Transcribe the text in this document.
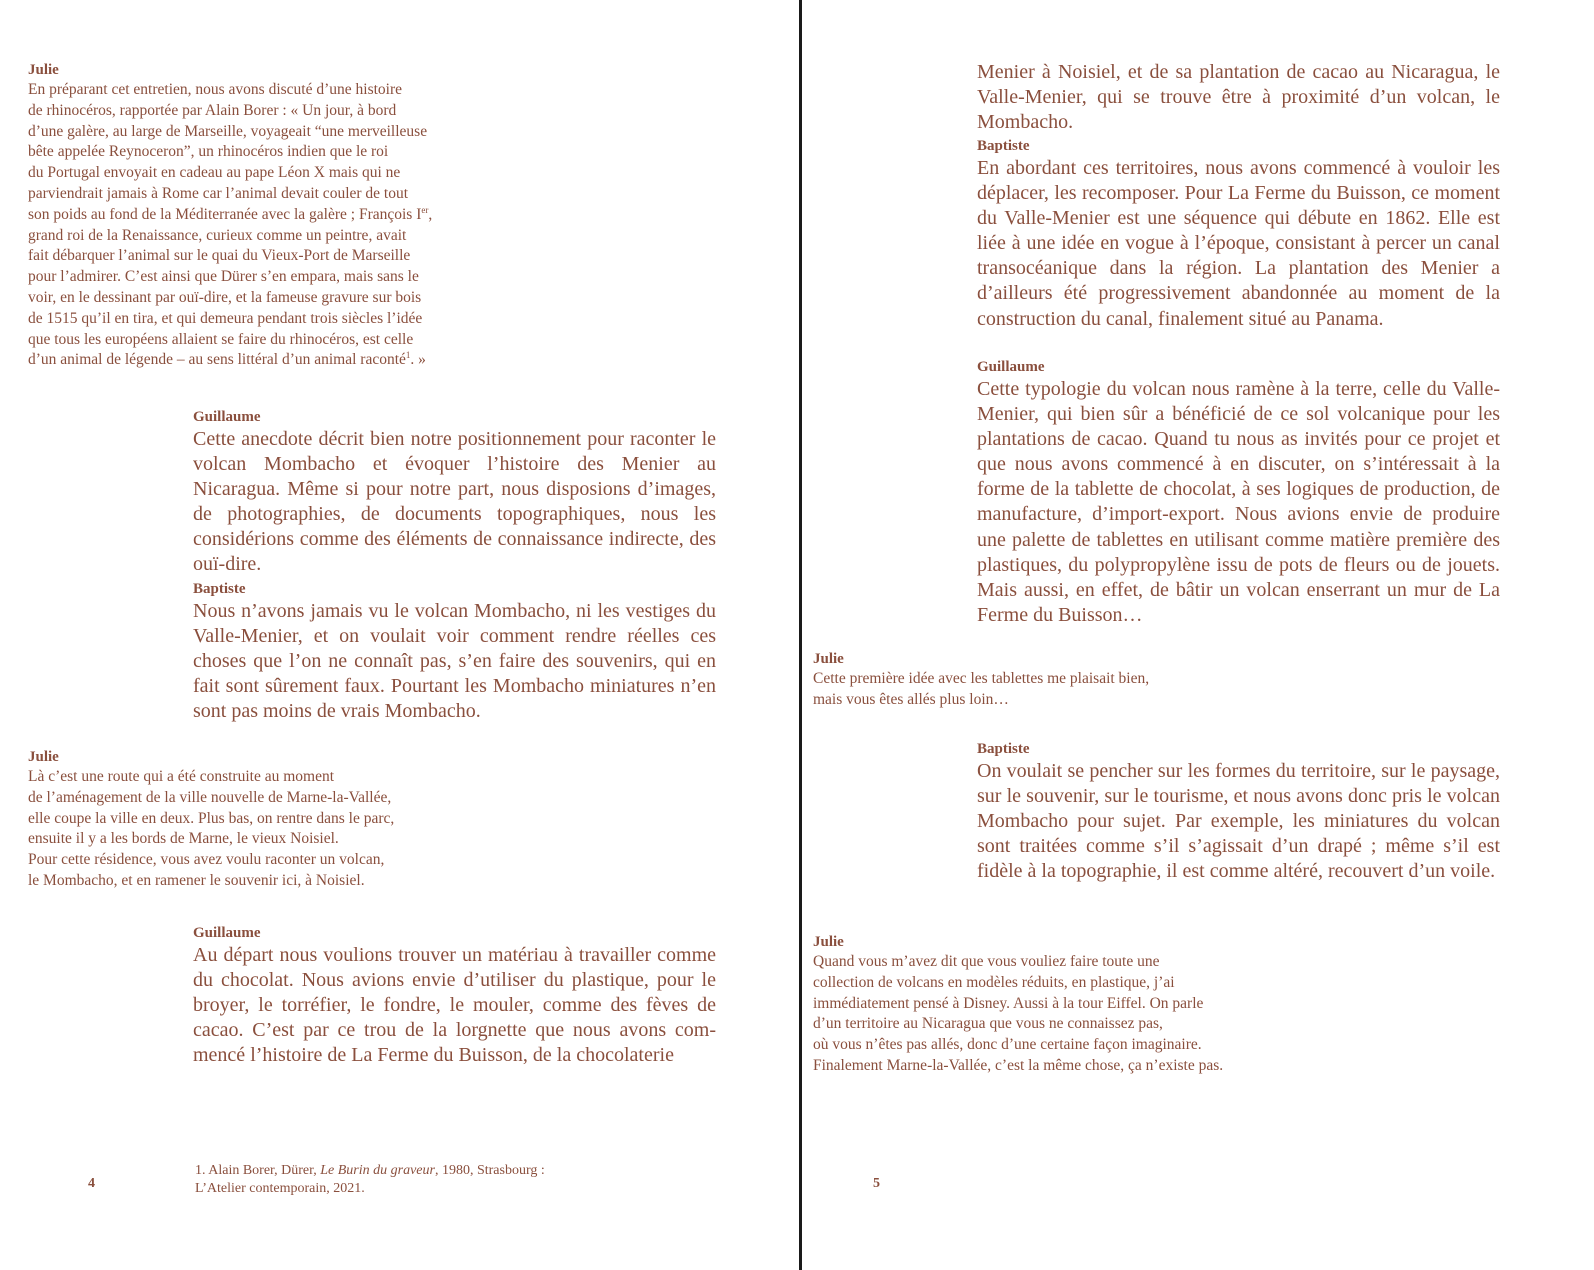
Julie
En préparant cet entretien, nous avons discuté d’une histoire
de rhinocéros, rapportée par Alain Borer : « Un jour, à bord
d’une galère, au large de Marseille, voyageait “une merveilleuse
bête appelée Reynoceron”, un rhinocéros indien que le roi
du Portugal envoyait en cadeau au pape Léon X mais qui ne
parviendrait jamais à Rome car l’animal devait couler de tout
son poids au fond de la Méditerranée avec la galère ; François Ier,
grand roi de la Renaissance, curieux comme un peintre, avait
fait débarquer l’animal sur le quai du Vieux-Port de Marseille
pour l’admirer. C’est ainsi que Dürer s’en empara, mais sans le
voir, en le dessinant par ouï-dire, et la fameuse gravure sur bois
de 1515 qu’il en tira, et qui demeura pendant trois siècles l’idée
que tous les européens allaient se faire du rhinocéros, est celle
d’un animal de légende – au sens littéral d’un animal raconté$^1$. »
Guillaume
Cette anecdote décrit bien notre positionnement pour raconter le volcan Mombacho et évoquer l’histoire des Menier au Nicaragua. Même si pour notre part, nous disposions d’images, de photographies, de documents topographiques, nous les considérions comme des éléments de connaissance indirecte, des ouï-dire.
Baptiste
Nous n’avons jamais vu le volcan Mombacho, ni les vestiges du Valle-Menier, et on voulait voir comment rendre réelles ces choses que l’on ne connaît pas, s’en faire des souvenirs, qui en fait sont sûrement faux. Pourtant les Mombacho miniatures n’en sont pas moins de vrais Mombacho.
Julie
Là c’est une route qui a été construite au moment
de l’aménagement de la ville nouvelle de Marne-la-Vallée,
elle coupe la ville en deux. Plus bas, on rentre dans le parc,
ensuite il y a les bords de Marne, le vieux Noisiel.
Pour cette résidence, vous avez voulu raconter un volcan,
le Mombacho, et en ramener le souvenir ici, à Noisiel.
Guillaume
Au départ nous voulions trouver un matériau à travailler comme du chocolat. Nous avions envie d’utiliser du plastique, pour le broyer, le torréfier, le fondre, le mouler, comme des fèves de cacao. C’est par ce trou de la lorgnette que nous avons commencé l’histoire de La Ferme du Buisson, de la chocolaterie
1. Alain Borer, Dürer, Le Burin du graveur, 1980, Strasbourg :
L’Atelier contemporain, 2021.
4
Menier à Noisiel, et de sa plantation de cacao au Nicaragua, le Valle-Menier, qui se trouve être à proximité d’un volcan, le Mombacho.
Baptiste
En abordant ces territoires, nous avons commencé à vouloir les déplacer, les recomposer. Pour La Ferme du Buisson, ce moment du Valle-Menier est une séquence qui débute en 1862. Elle est liée à une idée en vogue à l’époque, consistant à percer un canal transocéanique dans la région. La plantation des Menier a d’ailleurs été progressivement abandonnée au moment de la construction du canal, finalement situé au Panama.
Guillaume
Cette typologie du volcan nous ramène à la terre, celle du Valle-Menier, qui bien sûr a bénéficié de ce sol volcanique pour les plantations de cacao. Quand tu nous as invités pour ce projet et que nous avons commencé à en discuter, on s’intéressait à la forme de la tablette de chocolat, à ses logiques de production, de manufacture, d’import-export. Nous avions envie de produire une palette de tablettes en utilisant comme matière première des plastiques, du polypropylène issu de pots de fleurs ou de jouets. Mais aussi, en effet, de bâtir un volcan enserrant un mur de La Ferme du Buisson…
Julie
Cette première idée avec les tablettes me plaisait bien,
mais vous êtes allés plus loin…
Baptiste
On voulait se pencher sur les formes du territoire, sur le paysage, sur le souvenir, sur le tourisme, et nous avons donc pris le volcan Mombacho pour sujet. Par exemple, les miniatures du volcan sont traitées comme s’il s’agissait d’un drapé ; même s’il est fidèle à la topographie, il est comme altéré, recouvert d’un voile.
Julie
Quand vous m’avez dit que vous vouliez faire toute une
collection de volcans en modèles réduits, en plastique, j’ai
immédiatement pensé à Disney. Aussi à la tour Eiffel. On parle
d’un territoire au Nicaragua que vous ne connaissez pas,
où vous n’êtes pas allés, donc d’une certaine façon imaginaire.
Finalement Marne-la-Vallée, c’est la même chose, ça n’existe pas.
5
